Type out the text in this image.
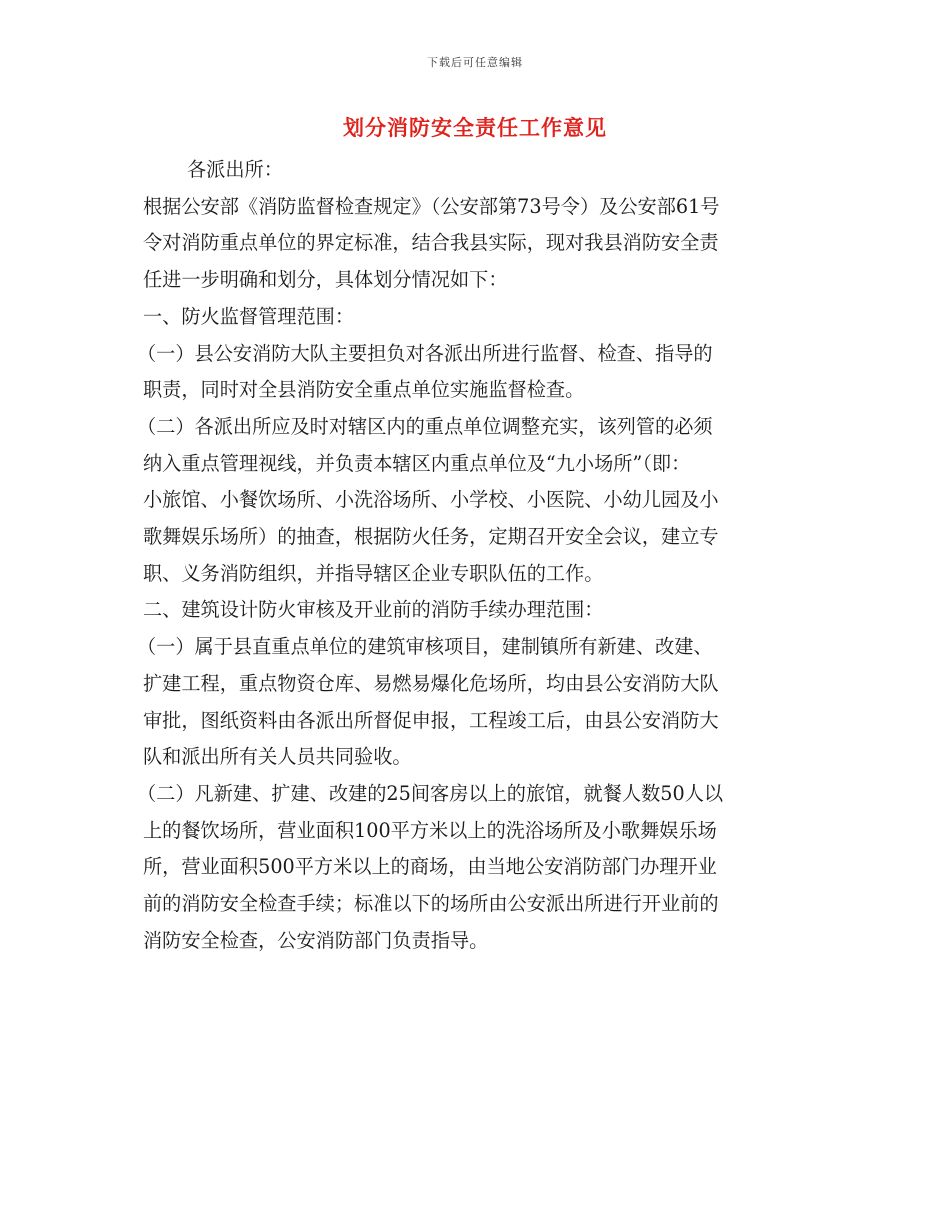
下载后可任意编辑
划分消防安全责任工作意见

各派出所：

根据公安部《消防监督检查规定》（公安部第73号令）及公安部61号

令对消防重点单位的界定标准，结合我县实际，现对我县消防安全责

任进一步明确和划分，具体划分情况如下：

一、防火监督管理范围：

（一）县公安消防大队主要担负对各派出所进行监督、检查、指导的

职责，同时对全县消防安全重点单位实施监督检查。

（二）各派出所应及时对辖区内的重点单位调整充实，该列管的必须

纳入重点管理视线，并负责本辖区内重点单位及“九小场所”（即：

小旅馆、小餐饮场所、小洗浴场所、小学校、小医院、小幼儿园及小

歌舞娱乐场所）的抽查，根据防火任务，定期召开安全会议，建立专

职、义务消防组织，并指导辖区企业专职队伍的工作。

二、建筑设计防火审核及开业前的消防手续办理范围：

（一）属于县直重点单位的建筑审核项目，建制镇所有新建、改建、

扩建工程，重点物资仓库、易燃易爆化危场所，均由县公安消防大队

审批，图纸资料由各派出所督促申报，工程竣工后，由县公安消防大

队和派出所有关人员共同验收。

（二）凡新建、扩建、改建的25间客房以上的旅馆，就餐人数50人以

上的餐饮场所，营业面积100平方米以上的洗浴场所及小歌舞娱乐场

所，营业面积500平方米以上的商场，由当地公安消防部门办理开业

前的消防安全检查手续；标准以下的场所由公安派出所进行开业前的

消防安全检查，公安消防部门负责指导。
